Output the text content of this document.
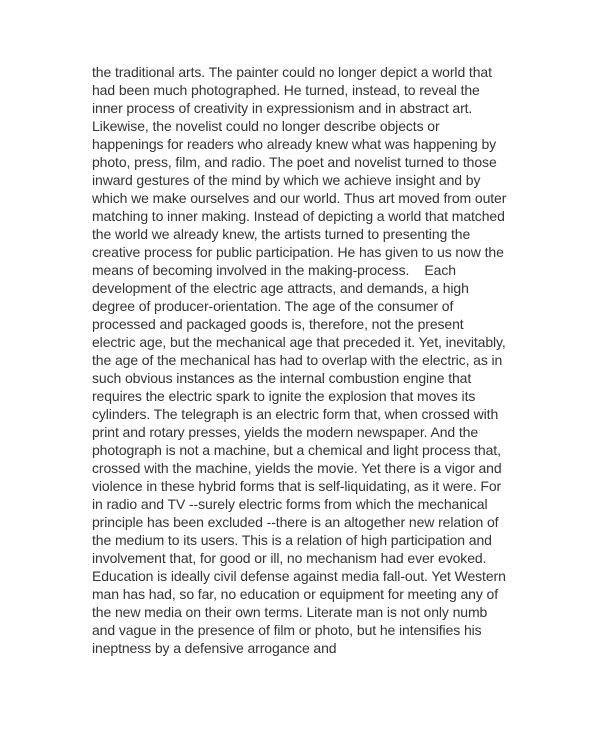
the traditional arts. The painter could no longer depict a world that
had been much photographed. He turned, instead, to reveal the
inner process of creativity in expressionism and in abstract art.
Likewise, the novelist could no longer describe objects or
happenings for readers who already knew what was happening by
photo, press, film, and radio. The poet and novelist turned to those
inward gestures of the mind by which we achieve insight and by
which we make ourselves and our world. Thus art moved from outer
matching to inner making. Instead of depicting a world that matched
the world we already knew, the artists turned to presenting the
creative process for public participation. He has given to us now the
means of becoming involved in the making-process.    Each
development of the electric age attracts, and demands, a high
degree of producer-orientation. The age of the consumer of
processed and packaged goods is, therefore, not the present
electric age, but the mechanical age that preceded it. Yet, inevitably,
the age of the mechanical has had to overlap with the electric, as in
such obvious instances as the internal combustion engine that
requires the electric spark to ignite the explosion that moves its
cylinders. The telegraph is an electric form that, when crossed with
print and rotary presses, yields the modern newspaper. And the
photograph is not a machine, but a chemical and light process that,
crossed with the machine, yields the movie. Yet there is a vigor and
violence in these hybrid forms that is self-liquidating, as it were. For
in radio and TV --surely electric forms from which the mechanical
principle has been excluded --there is an altogether new relation of
the medium to its users. This is a relation of high participation and
involvement that, for good or ill, no mechanism had ever evoked.
Education is ideally civil defense against media fall-out. Yet Western
man has had, so far, no education or equipment for meeting any of
the new media on their own terms. Literate man is not only numb
and vague in the presence of film or photo, but he intensifies his
ineptness by a defensive arrogance and
